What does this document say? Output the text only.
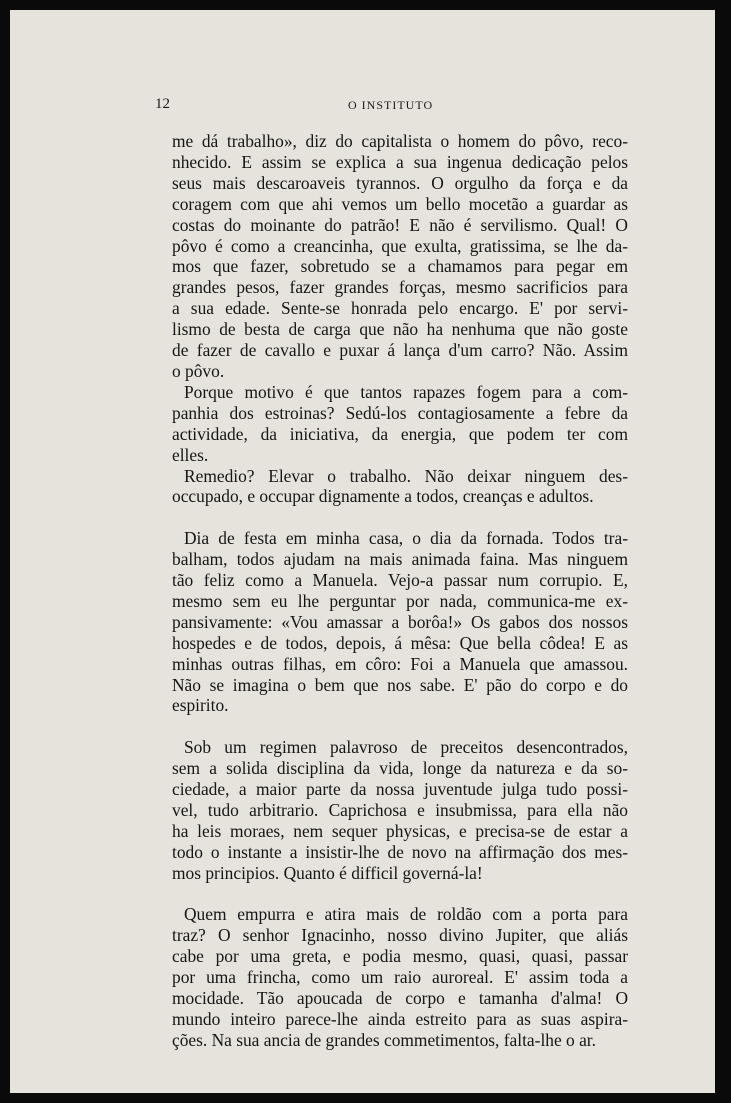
12	O INSTITUTO

me dá trabalho», diz do capitalista o homem do pôvo, reco-
nhecido. E assim se explica a sua ingenua dedicação pelos
seus mais descaroaveis tyrannos. O orgulho da força e da
coragem com que ahi vemos um bello mocetão a guardar as
costas do moinante do patrão! E não é servilismo. Qual! O
pôvo é como a creancinha, que exulta, gratissima, se lhe da-
mos que fazer, sobretudo se a chamamos para pegar em
grandes pesos, fazer grandes forças, mesmo sacrificios para
a sua edade. Sente-se honrada pelo encargo. E' por servi-
lismo de besta de carga que não ha nenhuma que não goste
de fazer de cavallo e puxar á lança d'um carro? Não. Assim
o pôvo.

Porque motivo é que tantos rapazes fogem para a com-
panhia dos estroinas? Sedú-los contagiosamente a febre da
actividade, da iniciativa, da energia, que podem ter com
elles.

Remedio? Elevar o trabalho. Não deixar ninguem des-
occupado, e occupar dignamente a todos, creanças e adultos.

Dia de festa em minha casa, o dia da fornada. Todos tra-
balham, todos ajudam na mais animada faina. Mas ninguem
tão feliz como a Manuela. Vejo-a passar num corrupio. E,
mesmo sem eu lhe perguntar por nada, communica-me ex-
pansivamente: «Vou amassar a borôa!» Os gabos dos nossos
hospedes e de todos, depois, á mêsa: Que bella côdea! E as
minhas outras filhas, em côro: Foi a Manuela que amassou.
Não se imagina o bem que nos sabe. E' pão do corpo e do
espirito.

Sob um regimen palavroso de preceitos desencontrados,
sem a solida disciplina da vida, longe da natureza e da so-
ciedade, a maior parte da nossa juventude julga tudo possi-
vel, tudo arbitrario. Caprichosa e insubmissa, para ella não
ha leis moraes, nem sequer physicas, e precisa-se de estar a
todo o instante a insistir-lhe de novo na affirmação dos mes-
mos principios. Quanto é difficil governá-la!

Quem empurra e atira mais de roldão com a porta para
traz? O senhor Ignacinho, nosso divino Jupiter, que aliás
cabe por uma greta, e podia mesmo, quasi, quasi, passar
por uma frincha, como um raio auroreal. E' assim toda a
mocidade. Tão apoucada de corpo e tamanha d'alma! O
mundo inteiro parece-lhe ainda estreito para as suas aspira-
ções. Na sua ancia de grandes commetimentos, falta-lhe o ar.
